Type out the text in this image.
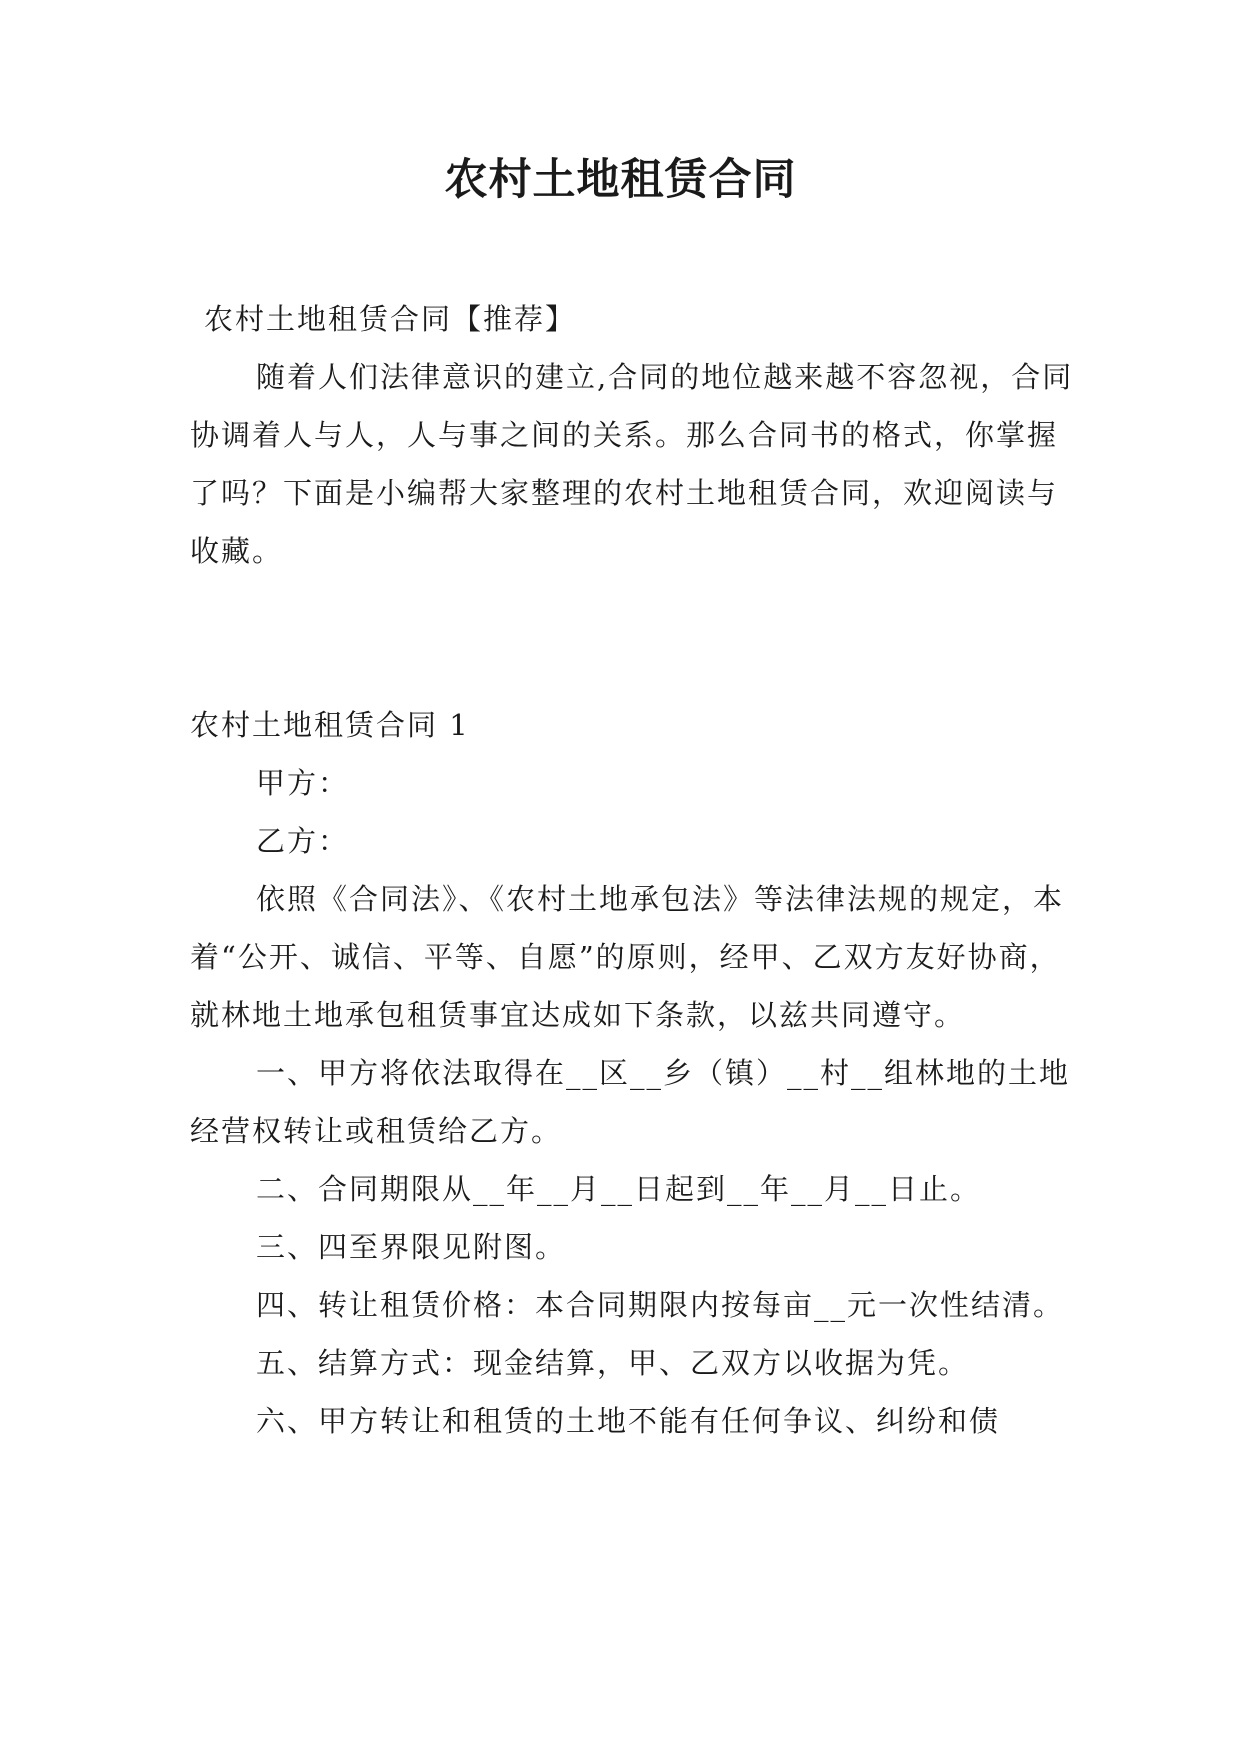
农村土地租赁合同

农村土地租赁合同【推荐】

随着人们法律意识的建立,合同的地位越来越不容忽视，合同协调着人与人，人与事之间的关系。那么合同书的格式，你掌握了吗？下面是小编帮大家整理的农村土地租赁合同，欢迎阅读与收藏。

农村土地租赁合同 1

甲方：

乙方：

依照《合同法》、《农村土地承包法》等法律法规的规定，本着“公开、诚信、平等、自愿”的原则，经甲、乙双方友好协商，就林地土地承包租赁事宜达成如下条款，以兹共同遵守。

一、甲方将依法取得在__区__乡（镇）__村__组林地的土地经营权转让或租赁给乙方。

二、合同期限从__年__月__日起到__年__月__日止。

三、四至界限见附图。

四、转让租赁价格：本合同期限内按每亩__元一次性结清。

五、结算方式：现金结算，甲、乙双方以收据为凭。

六、甲方转让和租赁的土地不能有任何争议、纠纷和债
